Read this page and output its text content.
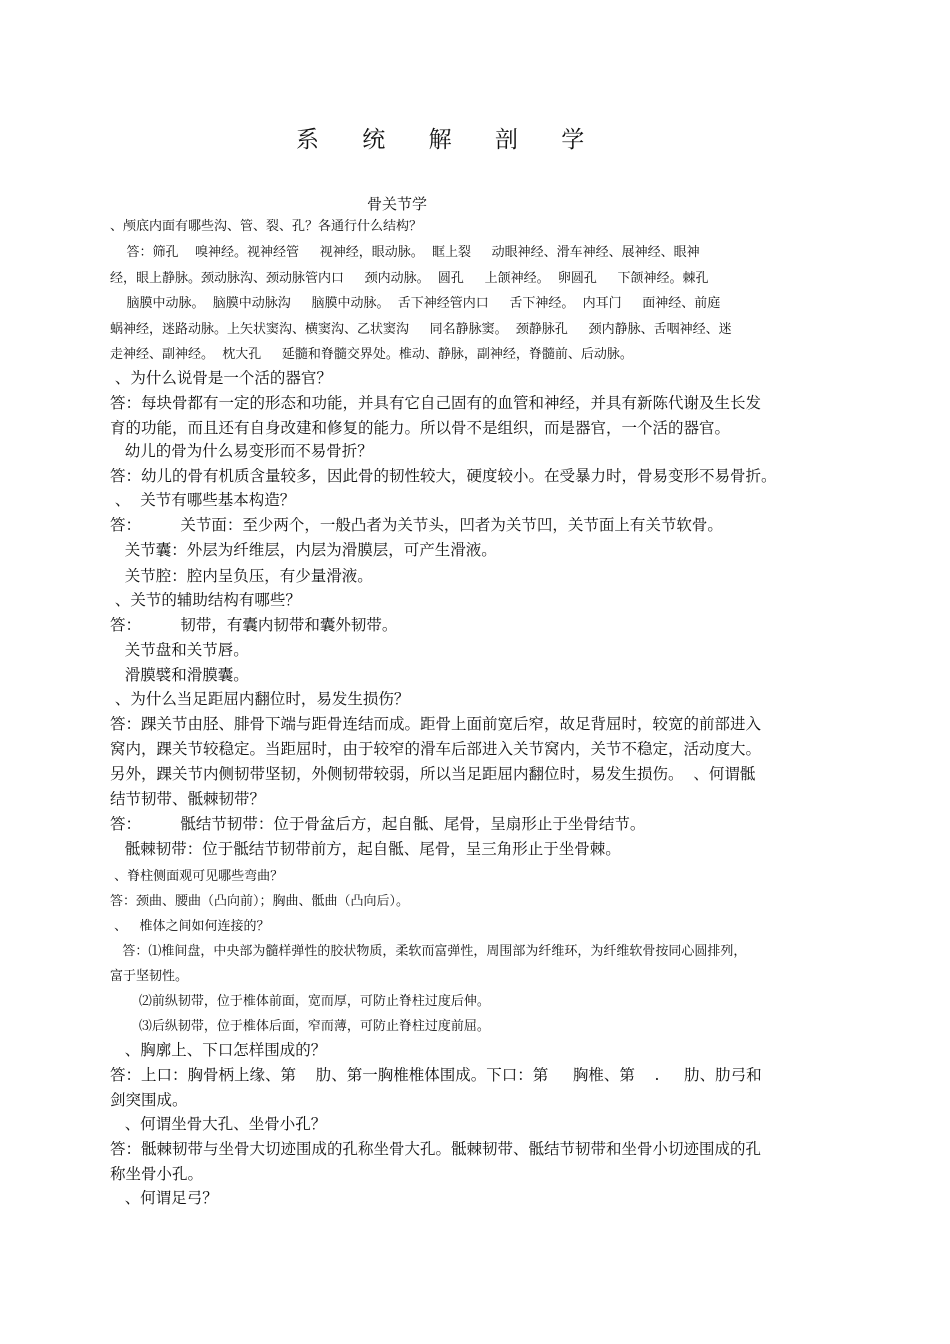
系 统 解 剖 学
骨关节学
、颅底内面有哪些沟、管、裂、孔？各通行什么结构？
答：筛孔    嗅神经。视神经管     视神经，眼动脉。  眶上裂     动眼神经、滑车神经、展神经、眼神
经，眼上静脉。颈动脉沟、颈动脉管内口     颈内动脉。  圆孔     上颌神经。  卵圆孔     下颌神经。棘孔
脑膜中动脉。  脑膜中动脉沟     脑膜中动脉。  舌下神经管内口     舌下神经。  内耳门     面神经、前庭
蜗神经，迷路动脉。上矢状窦沟、横窦沟、乙状窦沟     同名静脉窦。  颈静脉孔     颈内静脉、舌咽神经、迷
走神经、副神经。  枕大孔     延髓和脊髓交界处。椎动、静脉，副神经，脊髓前、后动脉。
、为什么说骨是一个活的器官？
答：每块骨都有一定的形态和功能，并具有它自己固有的血管和神经，并具有新陈代谢及生长发
育的功能，而且还有自身改建和修复的能力。所以骨不是组织，而是器官，一个活的器官。
幼儿的骨为什么易变形而不易骨折？
答：幼儿的骨有机质含量较多，因此骨的韧性较大，硬度较小。在受暴力时，骨易变形不易骨折。
、  关节有哪些基本构造？
答：        关节面：至少两个，一般凸者为关节头，凹者为关节凹，关节面上有关节软骨。
关节囊：外层为纤维层，内层为滑膜层，可产生滑液。
关节腔：腔内呈负压，有少量滑液。
、关节的辅助结构有哪些？
答：        韧带，有囊内韧带和囊外韧带。
关节盘和关节唇。
滑膜襞和滑膜囊。
、为什么当足距屈内翻位时，易发生损伤？
答：踝关节由胫、腓骨下端与距骨连结而成。距骨上面前宽后窄，故足背屈时，较宽的前部进入
窝内，踝关节较稳定。当距屈时，由于较窄的滑车后部进入关节窝内，关节不稳定，活动度大。
另外，踝关节内侧韧带坚韧，外侧韧带较弱，所以当足距屈内翻位时，易发生损伤。  、何谓骶
结节韧带、骶棘韧带？
答：        骶结节韧带：位于骨盆后方，起自骶、尾骨，呈扇形止于坐骨结节。
骶棘韧带：位于骶结节韧带前方，起自骶、尾骨，呈三角形止于坐骨棘。
、脊柱侧面观可见哪些弯曲？
答：颈曲、腰曲（凸向前）；胸曲、骶曲（凸向后）。
、   椎体之间如何连接的？
答：⑴椎间盘，中央部为髓样弹性的胶状物质，柔软而富弹性，周围部为纤维环，为纤维软骨按同心圆排列，
富于坚韧性。
⑵前纵韧带，位于椎体前面，宽而厚，可防止脊柱过度后伸。
⑶后纵韧带，位于椎体后面，窄而薄，可防止脊柱过度前屈。
、胸廓上、下口怎样围成的？
答：上口：胸骨柄上缘、第    肋、第一胸椎椎体围成。下口：第     胸椎、第    .     肋、肋弓和
剑突围成。
、何谓坐骨大孔、坐骨小孔？
答：骶棘韧带与坐骨大切迹围成的孔称坐骨大孔。骶棘韧带、骶结节韧带和坐骨小切迹围成的孔
称坐骨小孔。
、何谓足弓？
